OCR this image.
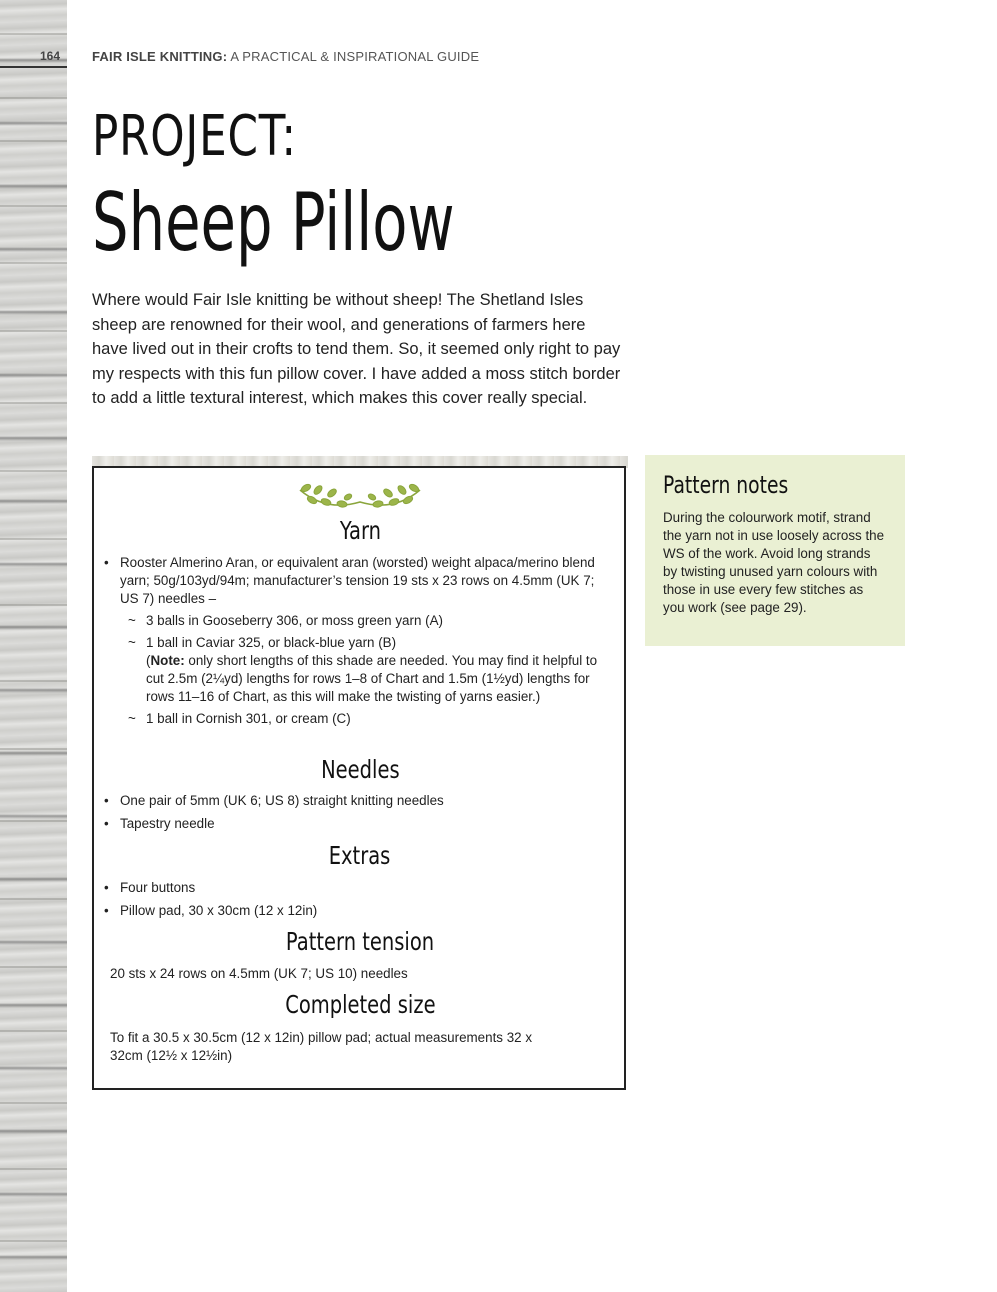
164 FAIR ISLE KNITTING: A PRACTICAL & INSPIRATIONAL GUIDE
PROJECT:
Sheep Pillow
Where would Fair Isle knitting be without sheep! The Shetland Isles sheep are renowned for their wool, and generations of farmers here have lived out in their crofts to tend them. So, it seemed only right to pay my respects with this fun pillow cover. I have added a moss stitch border to add a little textural interest, which makes this cover really special.
Yarn
• Rooster Almerino Aran, or equivalent aran (worsted) weight alpaca/merino blend yarn; 50g/103yd/94m; manufacturer’s tension 19 sts x 23 rows on 4.5mm (UK 7; US 7) needles –
~ 3 balls in Gooseberry 306, or moss green yarn (A)
~ 1 ball in Caviar 325, or black-blue yarn (B)
(Note: only short lengths of this shade are needed. You may find it helpful to cut 2.5m (2¼yd) lengths for rows 1–8 of Chart and 1.5m (1½yd) lengths for rows 11–16 of Chart, as this will make the twisting of yarns easier.)
~ 1 ball in Cornish 301, or cream (C)
Needles
• One pair of 5mm (UK 6; US 8) straight knitting needles
• Tapestry needle
Extras
• Four buttons
• Pillow pad, 30 x 30cm (12 x 12in)
Pattern tension
20 sts x 24 rows on 4.5mm (UK 7; US 10) needles
Completed size
To fit a 30.5 x 30.5cm (12 x 12in) pillow pad; actual measurements 32 x 32cm (12½ x 12½in)
Pattern notes
During the colourwork motif, strand the yarn not in use loosely across the WS of the work. Avoid long strands by twisting unused yarn colours with those in use every few stitches as you work (see page 29).
